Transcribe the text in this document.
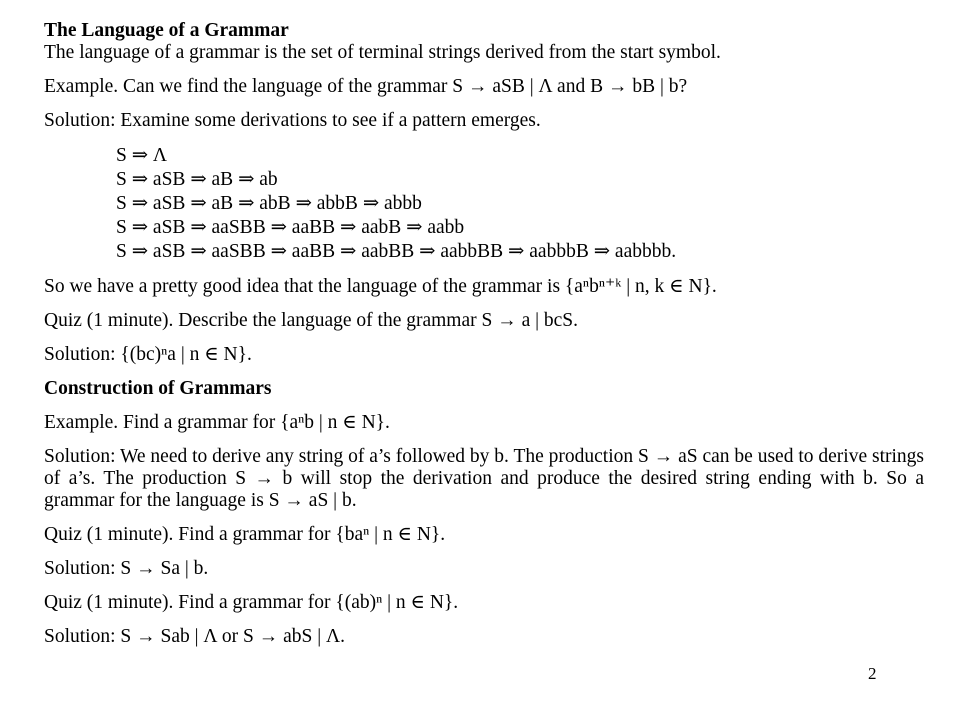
The Language of a Grammar
The language of a grammar is the set of terminal strings derived from the start symbol.
Example. Can we find the language of the grammar S → aSB | Λ and B → bB | b?
Solution: Examine some derivations to see if a pattern emerges.
S ⇒ Λ
S ⇒ aSB ⇒ aB ⇒ ab
S ⇒ aSB ⇒ aB ⇒ abB ⇒ abbB ⇒ abbb
S ⇒ aSB ⇒ aaSBB ⇒ aaBB ⇒ aabB ⇒ aabb
S ⇒ aSB ⇒ aaSBB ⇒ aaBB ⇒ aabBB ⇒ aabbBB ⇒ aabbbB ⇒ aabbbb.
So we have a pretty good idea that the language of the grammar is {aⁿbⁿ⁺ᵏ | n, k ∈ N}.
Quiz (1 minute). Describe the language of the grammar S → a | bcS.
Solution: {(bc)ⁿa | n ∈ N}.
Construction of Grammars
Example. Find a grammar for {aⁿb | n ∈ N}.
Solution: We need to derive any string of a’s followed by b. The production S → aS can be used to derive strings of a’s. The production S → b will stop the derivation and produce the desired string ending with b. So a grammar for the language is S → aS | b.
Quiz (1 minute). Find a grammar for {baⁿ | n ∈ N}.
Solution: S → Sa | b.
Quiz (1 minute). Find a grammar for {(ab)ⁿ | n ∈ N}.
Solution: S → Sab | Λ or S → abS | Λ.
2
